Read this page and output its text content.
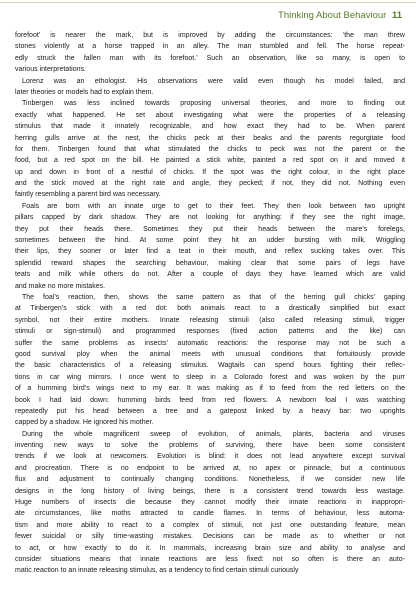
Thinking About Behaviour 11
forefoot’ is nearer the mark, but is improved by adding the circumstances: ‘the man threw
stones violently at a horse trapped in an alley. The man stumbled and fell. The horse repeat-
edly struck the fallen man with its forefoot.’ Such an observation, like so many, is open to
various interpretations.
Lorenz was an ethologist. His observations were valid even though his model failed, and
later theories or models had to explain them.
Tinbergen was less inclined towards proposing universal theories, and more to finding out
exactly what happened. He set about investigating what were the properties of a releasing
stimulus that made it innately recognizable, and how exact they had to be. When parent
herring gulls arrive at the nest, the chicks peck at their beaks and the parents regurgitate food
for them. Tinbergen found that what stimulated the chicks to peck was not the parent or the
food, but a red spot on the bill. He painted a stick white, painted a red spot on it and moved it
up and down in front of a nestful of chicks. If the spot was the right colour, in the right place
and the stick moved at the right rate and angle, they pecked; if not, they did not. Nothing even
faintly resembling a parent bird was necessary.
Foals are born with an innate urge to get to their feet. They then look between two upright
pillars capped by dark shadow. They are not looking for anything: if they see the right image,
they put their heads there. Sometimes they put their heads between the mare’s forelegs,
sometimes between the hind. At some point they hit an udder bursting with milk. Wriggling
their lips, they sooner or later find a teat in their mouth, and reflex sucking takes over. This
splendid reward shapes the searching behaviour, making clear that some pairs of legs have
teats and milk while others do not. After a couple of days they have learned which are valid
and make no more mistakes.
The foal’s reaction, then, shows the same pattern as that of the herring gull chicks’ gaping
at Tinbergen’s stick with a red dot: both animals react to a drastically simplified but exact
symbol, not their entire mothers. Innate releasing stimuli (also called releasing stimuli, trigger
stimuli or sign-stimuli) and programmed responses (fixed action patterns and the like) can
suffer the same problems as insects’ automatic reactions: the response may not be such a
good survival ploy when the animal meets with unusual conditions that fortuitously provide
the basic characteristics of a releasing stimulus. Wagtails can spend hours fighting their reflec-
tions in car wing mirrors. I once went to sleep in a Colorado forest and was woken by the purr
of a humming bird’s wings next to my ear. It was making as if to feed from the red letters on the
book I had laid down: humming birds feed from red flowers. A newborn foal I was watching
repeatedly put his head between a tree and a gatepost linked by a heavy bar: two uprights
capped by a shadow. He ignored his mother.
During the whole magnificent sweep of evolution, of animals, plants, bacteria and viruses
inventing new ways to solve the problems of surviving, there have been some consistent
trends if we look at newcomers. Evolution is blind: it does not lead anywhere except survival
and procreation. There is no endpoint to be arrived at, no apex or pinnacle, but a continuous
flux and adjustment to continually changing conditions. Nonetheless, if we consider new life
designs in the long history of living beings, there is a consistent trend towards less wastage.
Huge numbers of insects die because they cannot modify their innate reactions in inappropri-
ate circumstances, like moths attracted to candle flames. In terms of behaviour, less automa-
tism and more ability to react to a complex of stimuli, not just one outstanding feature, mean
fewer suicidal or silly time-wasting mistakes. Decisions can be made as to whether or not
to act, or how exactly to do it. In mammals, increasing brain size and ability to analyse and
consider situations means that innate reactions are less fixed: not so often is there an auto-
matic reaction to an innate releasing stimulus, as a tendency to find certain stimuli curiously
